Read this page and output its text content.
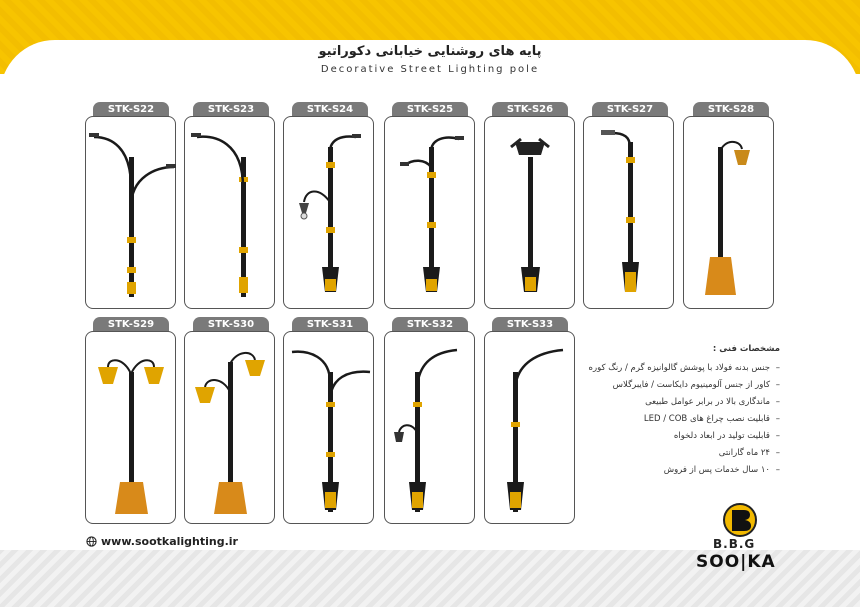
پایه های روشنایی خیابانی دکوراتیو
Decorative Street Lighting pole
STK-S22	STK-S23	STK-S24	STK-S25	STK-S26	STK-S27	STK-S28
STK-S29	STK-S30	STK-S31	STK-S32	STK-S33
مشخصات فنی :
–جنس بدنه فولاد با پوشش گالوانیزه گرم / رنگ کوره
–کاور از جنس آلومینیوم دایکاست / فایبرگلاس
–ماندگاری بالا در برابر عوامل طبیعی
–قابلیت نصب چراغ های LED / COB
–قابلیت تولید در ابعاد دلخواه
–۲۴ ماه گارانتی
–۱۰ سال خدمات پس از فروش
www.sootkalighting.ir	B.B.G
SOO|KA
